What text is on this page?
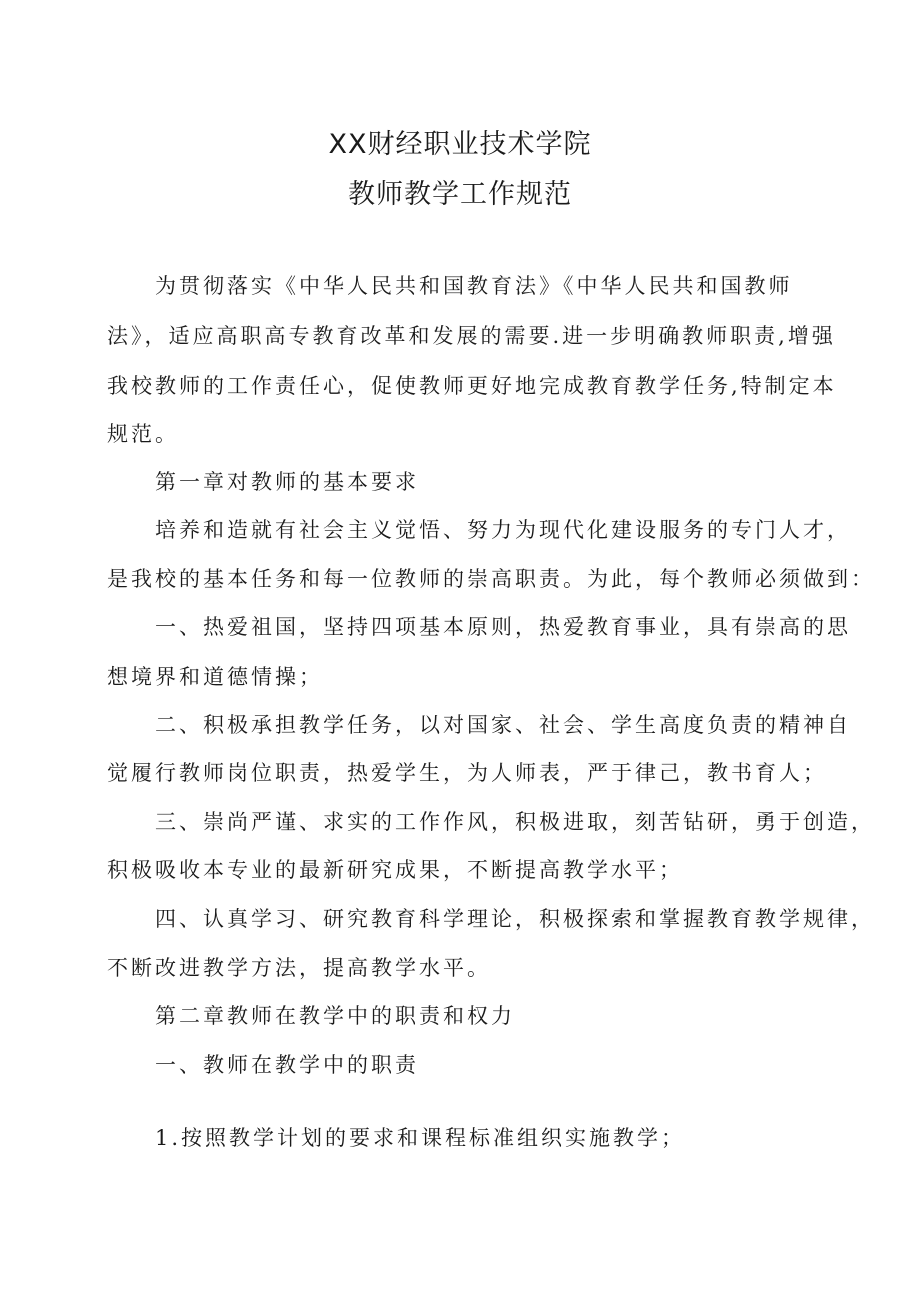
XX财经职业技术学院
教师教学工作规范
为贯彻落实《中华人民共和国教育法》《中华人民共和国教师
法》，适应高职高专教育改革和发展的需要.进一步明确教师职责,增强
我校教师的工作责任心，促使教师更好地完成教育教学任务,特制定本
规范。
第一章对教师的基本要求
培养和造就有社会主义觉悟、努力为现代化建设服务的专门人才，
是我校的基本任务和每一位教师的崇高职责。为此，每个教师必须做到：
一、热爱祖国，坚持四项基本原则，热爱教育事业，具有崇高的思
想境界和道德情操；
二、积极承担教学任务，以对国家、社会、学生高度负责的精神自
觉履行教师岗位职责，热爱学生，为人师表，严于律己，教书育人；
三、崇尚严谨、求实的工作作风，积极进取，刻苦钻研，勇于创造，
积极吸收本专业的最新研究成果，不断提高教学水平；
四、认真学习、研究教育科学理论，积极探索和掌握教育教学规律，
不断改进教学方法，提高教学水平。
第二章教师在教学中的职责和权力
一、教师在教学中的职责
1.按照教学计划的要求和课程标准组织实施教学；
